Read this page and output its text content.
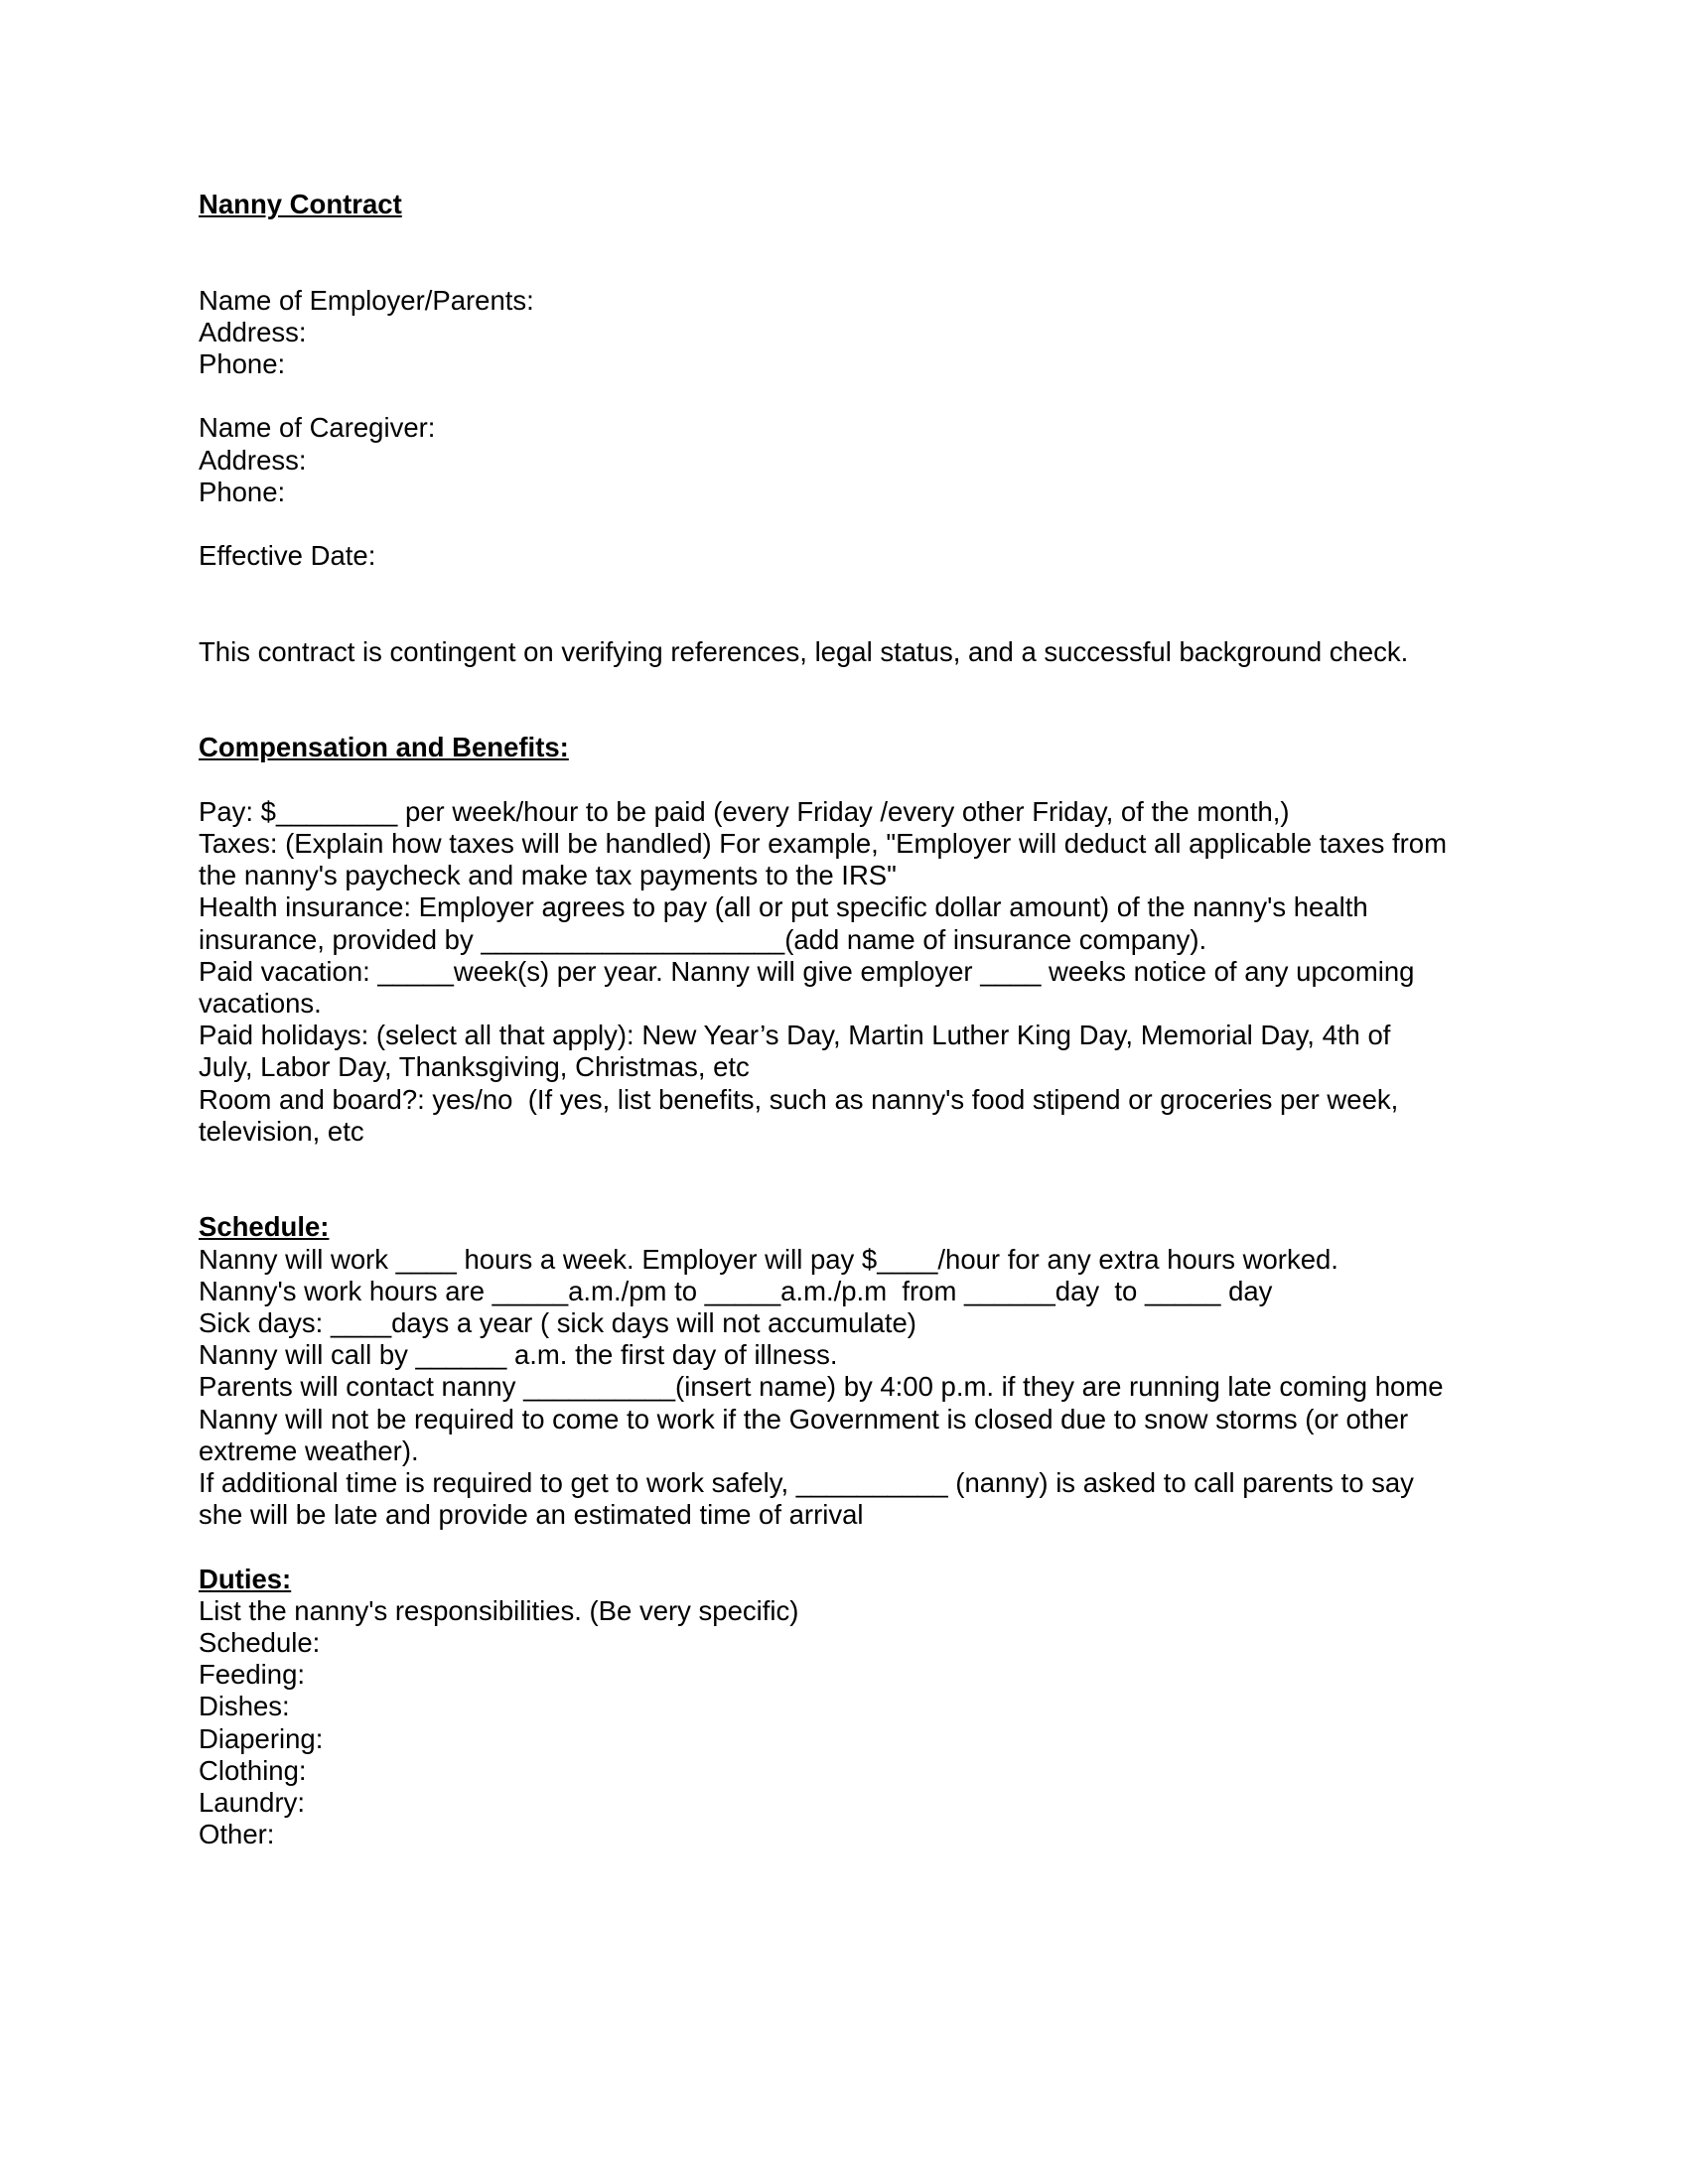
Nanny Contract
Name of Employer/Parents:
Address:
Phone:
Name of Caregiver:
Address:
Phone:
Effective Date:
This contract is contingent on verifying references, legal status, and a successful background check.
Compensation and Benefits:
Pay: $________ per week/hour to be paid (every Friday /every other Friday, of the month,)
Taxes: (Explain how taxes will be handled) For example, "Employer will deduct all applicable taxes from the nanny's paycheck and make tax payments to the IRS"
Health insurance: Employer agrees to pay (all or put specific dollar amount) of the nanny's health insurance, provided by ____________________(add name of insurance company).
Paid vacation: _____week(s) per year. Nanny will give employer ____ weeks notice of any upcoming vacations.
Paid holidays: (select all that apply): New Year’s Day, Martin Luther King Day, Memorial Day, 4th of July, Labor Day, Thanksgiving, Christmas, etc
Room and board?: yes/no  (If yes, list benefits, such as nanny's food stipend or groceries per week, television, etc
Schedule:
Nanny will work ____ hours a week. Employer will pay $____/hour for any extra hours worked.
Nanny's work hours are _____a.m./pm to _____a.m./p.m  from ______day  to _____ day
Sick days: ____days a year ( sick days will not accumulate)
Nanny will call by ______ a.m. the first day of illness.
Parents will contact nanny __________(insert name) by 4:00 p.m. if they are running late coming home
Nanny will not be required to come to work if the Government is closed due to snow storms (or other extreme weather).
If additional time is required to get to work safely, __________ (nanny) is asked to call parents to say she will be late and provide an estimated time of arrival
Duties:
List the nanny's responsibilities. (Be very specific)
Schedule:
Feeding:
Dishes:
Diapering:
Clothing:
Laundry:
Other:
